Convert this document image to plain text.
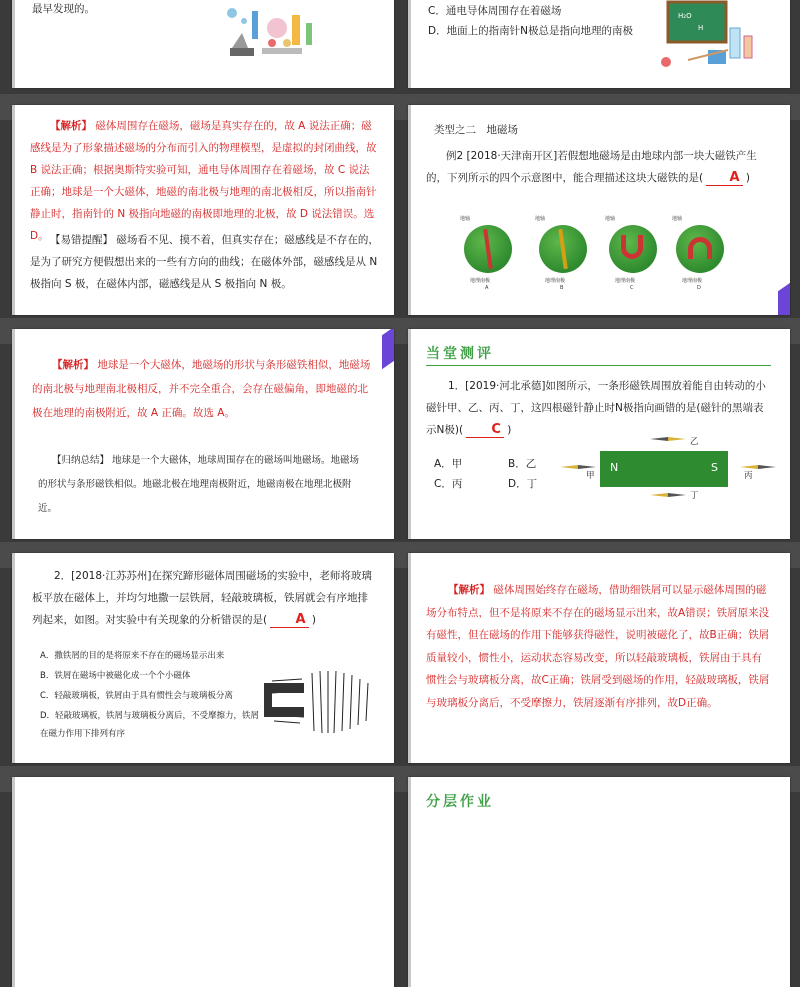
最早发现的。	C．通电导体周围存在着磁场
D．地面上的指南针N极总是指向地理的南极
H₂O
H
【解析】 磁体周围存在磁场，磁场是真实存在的，故 A 说法正确；磁感线是为了形象描述磁场的分布而引入的物理模型，是虚拟的封闭曲线，故 B 说法正确；根据奥斯特实验可知，通电导体周围存在着磁场，故 C 说法正确；地球是一个大磁体，地磁的南北极与地理的南北极相反，所以指南针静止时，指南针的 N 极指向地磁的南极即地理的北极，故 D 说法错误。选 D。 【易错提醒】 磁场看不见、摸不着，但真实存在；磁感线是不存在的，是为了研究方便假想出来的一些有方向的曲线；在磁体外部，磁感线是从 N 极指向 S 极，在磁体内部，磁感线是从 S 极指向 N 极。
类型之二　地磁场
例2 [2018·天津南开区]若假想地磁场是由地球内部一块大磁铁产生的，下列所示的四个示意图中，能合理描述这块大磁铁的是( A )
地轴
地理南极
A
地轴
地理南极
B
地轴
地理南极
C
地轴
地理南极
D
【解析】 地球是一个大磁体，地磁场的形状与条形磁铁相似，地磁场的南北极与地理南北极相反，并不完全重合，会存在磁偏角，即地磁的北极在地理的南极附近，故 A 正确。故选 A。
【归纳总结】 地球是一个大磁体，地球周围存在的磁场叫地磁场。地磁场的形状与条形磁铁相似。地磁北极在地理南极附近，地磁南极在地理北极附近。
当堂测评
1．[2019·河北承德]如图所示，一条形磁铁周围放着能自由转动的小磁针甲、乙、丙、丁，这四根磁针静止时N极指向画错的是(磁针的黑端表示N极)( C )
A．甲	B．乙
C．丙	D．丁
N	S
乙
甲	丙
丁
2．[2018·江苏苏州]在探究蹄形磁体周围磁场的实验中，老师将玻璃板平放在磁体上，并均匀地撒一层铁屑，轻敲玻璃板，铁屑就会有序地排列起来，如图。对实验中有关现象的分析错误的是( A )
A．撒铁屑的目的是将原来不存在的磁场显示出来
B．铁屑在磁场中被磁化成一个个小磁体
C．轻敲玻璃板，铁屑由于具有惯性会与玻璃板分离
D．轻敲玻璃板，铁屑与玻璃板分离后，不受摩擦力，铁屑在磁力作用下排列有序
【解析】 磁体周围始终存在磁场，借助细铁屑可以显示磁体周围的磁场分布特点，但不是将原来不存在的磁场显示出来，故A错误；铁屑原来没有磁性，但在磁场的作用下能够获得磁性，说明被磁化了，故B正确；铁屑质量较小，惯性小，运动状态容易改变，所以轻敲玻璃板，铁屑由于具有惯性会与玻璃板分离，故C正确；铁屑受到磁场的作用，轻敲玻璃板，铁屑与玻璃板分离后，不受摩擦力，铁屑逐渐有序排列，故D正确。
分层作业
